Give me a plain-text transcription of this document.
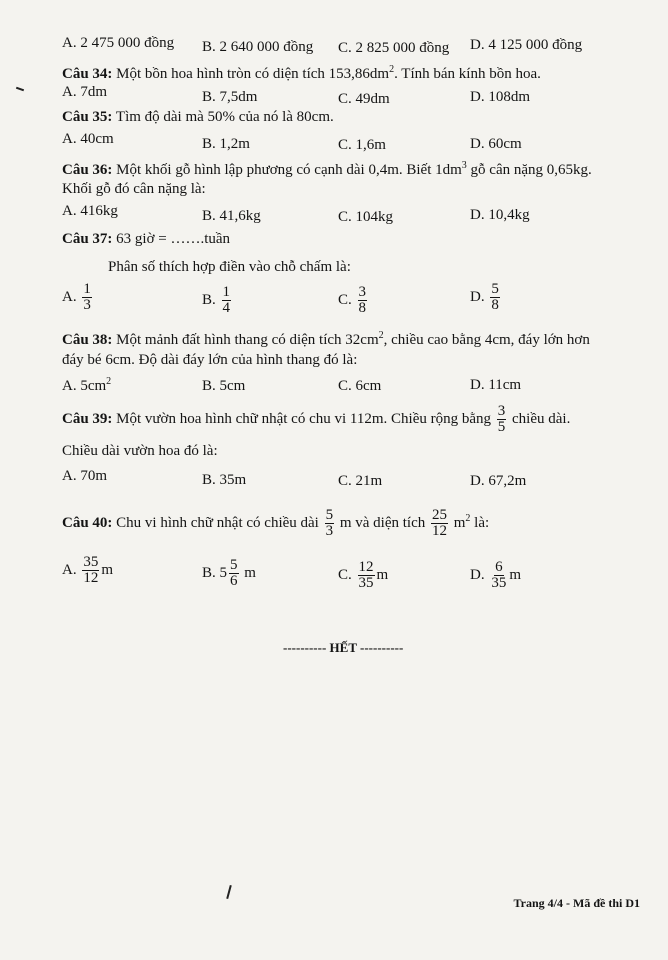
A. 2 475 000 đồng B. 2 640 000 đồng C. 2 825 000 đồng D. 4 125 000 đồng
Câu 34: Một bồn hoa hình tròn có diện tích $153,86dm^2$. Tính bán kính bồn hoa.
A. 7dm	B. 7,5dm	C. 49dm	D. 108dm
Câu 35: Tìm độ dài mà 50% của nó là 80cm.
A. 40cm	B. 1,2m	C. 1,6m	D. 60cm
Câu 36: Một khối gỗ hình lập phương có cạnh dài 0,4m. Biết $1dm^3$ gỗ cân nặng 0,65kg.
Khối gỗ đó cân nặng là:
A. 416kg	B. 41,6kg	C. 104kg	D. 10,4kg
Câu 37: 63 giờ = …….tuần
Phân số thích hợp điền vào chỗ chấm là:
A. $\frac{1}{3}$	B. $\frac{1}{4}$	C. $\frac{3}{8}$	D. $\frac{5}{8}$
Câu 38: Một mảnh đất hình thang có diện tích $32cm^2$, chiều cao bằng 4cm, đáy lớn hơn
đáy bé 6cm. Độ dài đáy lớn của hình thang đó là:
A. $5cm^2$	B. 5cm	C. 6cm	D. 11cm
Câu 39: Một vườn hoa hình chữ nhật có chu vi 112m. Chiều rộng bằng $\frac{3}{5}$ chiều dài.
Chiều dài vườn hoa đó là:
A. 70m	B. 35m	C. 21m	D. 67,2m
Câu 40: Chu vi hình chữ nhật có chiều dài $\frac{5}{3}$ m và diện tích $\frac{25}{12} m^2$ là:
A. $\frac{35}{12}$ m	B. $5 \frac{5}{6}$ m	C. $\frac{12}{35}$ m	D. $\frac{6}{35}$ m
---------- HẾT ----------
Trang 4/4 - Mã đề thi D1
